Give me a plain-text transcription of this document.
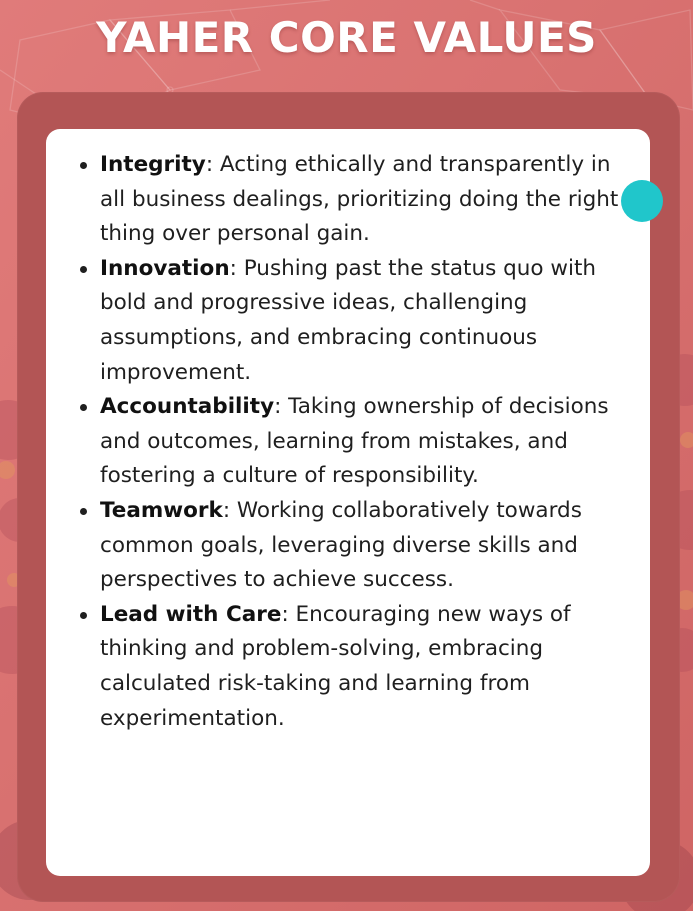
YAHER CORE VALUES
Integrity: Acting ethically and transparently in all business dealings, prioritizing doing the right thing over personal gain.
Innovation: Pushing past the status quo with bold and progressive ideas, challenging assumptions, and embracing continuous improvement.
Accountability: Taking ownership of decisions and outcomes, learning from mistakes, and fostering a culture of responsibility.
Teamwork: Working collaboratively towards common goals, leveraging diverse skills and perspectives to achieve success.
Lead with Care: Encouraging new ways of thinking and problem-solving, embracing calculated risk-taking and learning from experimentation.
